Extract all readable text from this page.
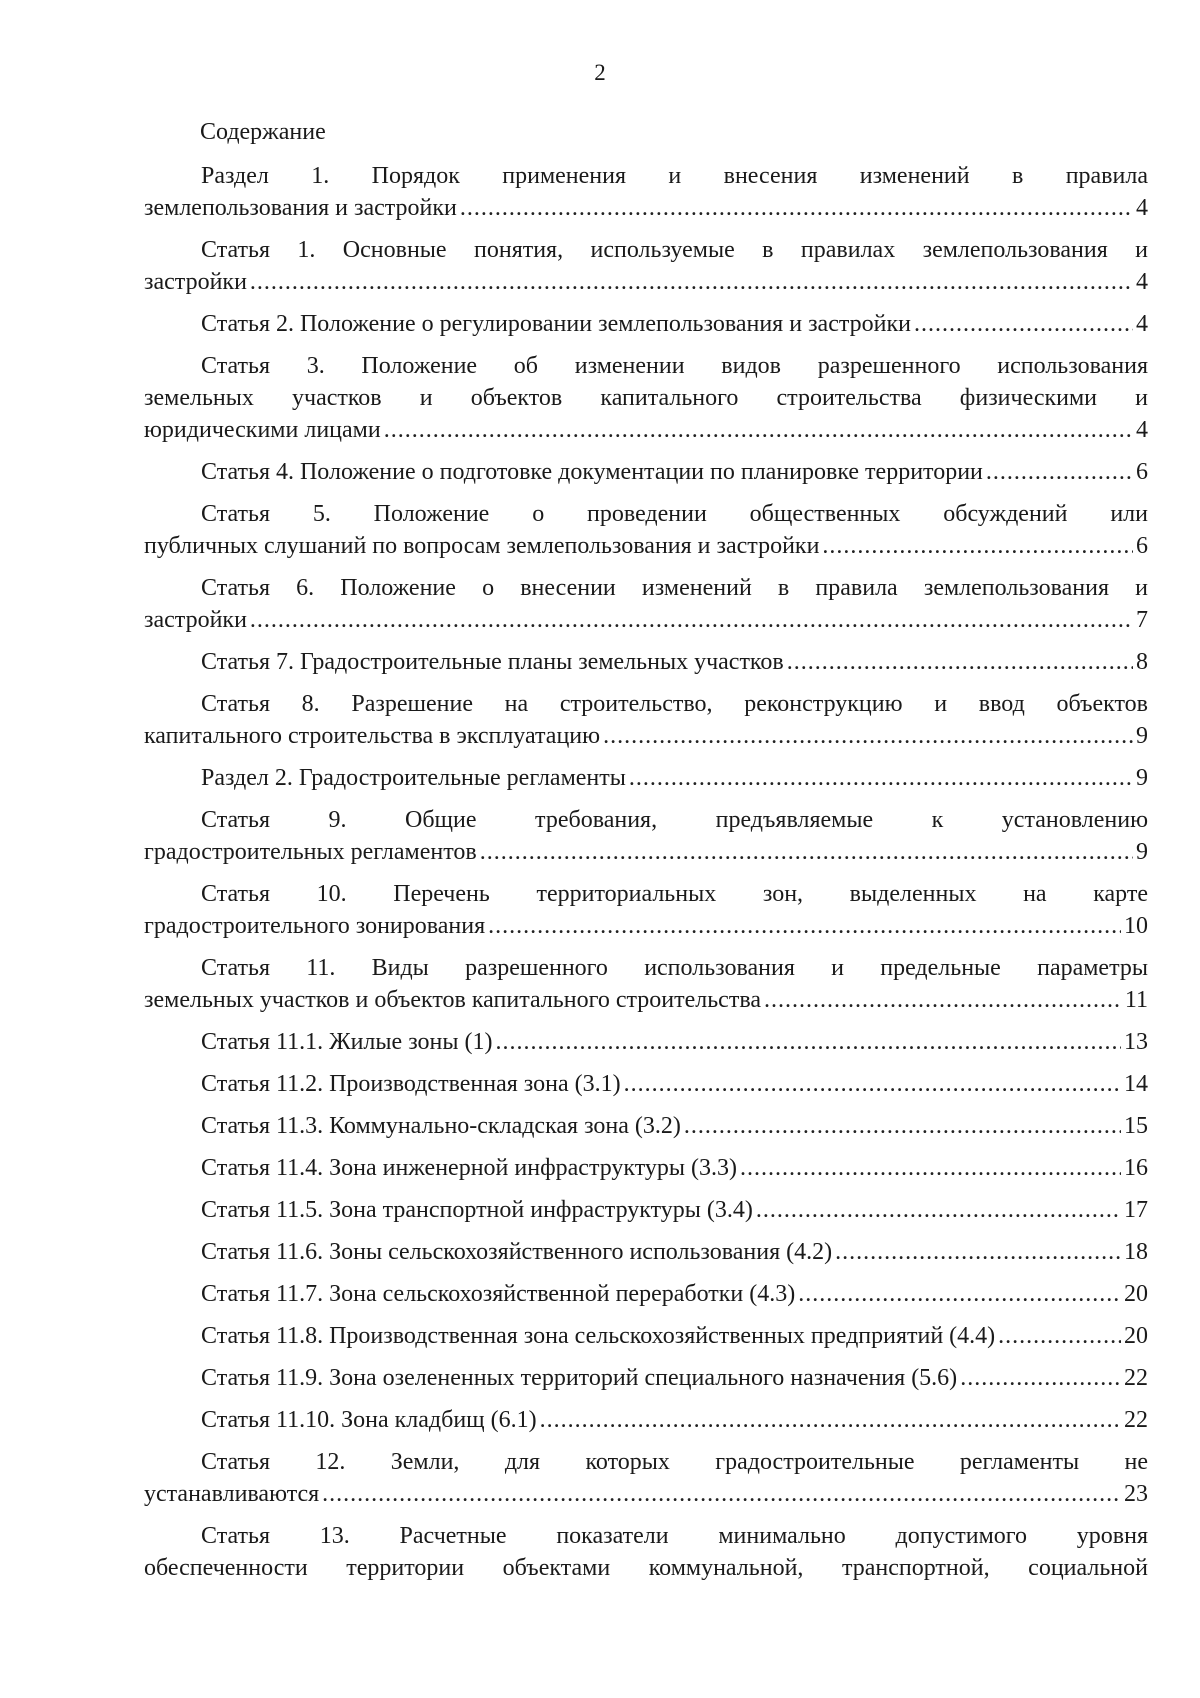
2
Содержание
Раздел 1. Порядок применения и внесения изменений в правила
землепользования и застройки .....	4
Статья 1. Основные понятия, используемые в правилах землепользования и
застройки .....	4
Статья 2. Положение о регулировании землепользования и застройки .....	4
Статья 3. Положение об изменении видов разрешенного использования
земельных участков и объектов капитального строительства физическими и
юридическими лицами .....	4
Статья 4. Положение о подготовке документации по планировке территории .....	6
Статья 5. Положение о проведении общественных обсуждений или
публичных слушаний по вопросам землепользования и застройки .....	6
Статья 6. Положение о внесении изменений в правила землепользования и
застройки .....	7
Статья 7. Градостроительные планы земельных участков .....	8
Статья 8. Разрешение на строительство, реконструкцию и ввод объектов
капитального строительства в эксплуатацию .....	9
Раздел 2. Градостроительные регламенты .....	9
Статья 9. Общие требования, предъявляемые к установлению
градостроительных регламентов .....	9
Статья 10. Перечень территориальных зон, выделенных на карте
градостроительного зонирования .....	10
Статья 11. Виды разрешенного использования и предельные параметры
земельных участков и объектов капитального строительства .....	11
Статья 11.1. Жилые зоны (1) .....	13
Статья 11.2. Производственная зона (3.1) .....	14
Статья 11.3. Коммунально-складская зона (3.2) .....	15
Статья 11.4. Зона инженерной инфраструктуры (3.3) .....	16
Статья 11.5. Зона транспортной инфраструктуры (3.4) .....	17
Статья 11.6. Зоны сельскохозяйственного использования (4.2) .....	18
Статья 11.7. Зона сельскохозяйственной переработки (4.3) .....	20
Статья 11.8. Производственная зона сельскохозяйственных предприятий (4.4) .....	20
Статья 11.9. Зона озелененных территорий специального назначения (5.6) .....	22
Статья 11.10. Зона кладбищ (6.1) .....	22
Статья 12. Земли, для которых градостроительные регламенты не
устанавливаются .....	23
Статья 13. Расчетные показатели минимально допустимого уровня
обеспеченности территории объектами коммунальной, транспортной, социальной
